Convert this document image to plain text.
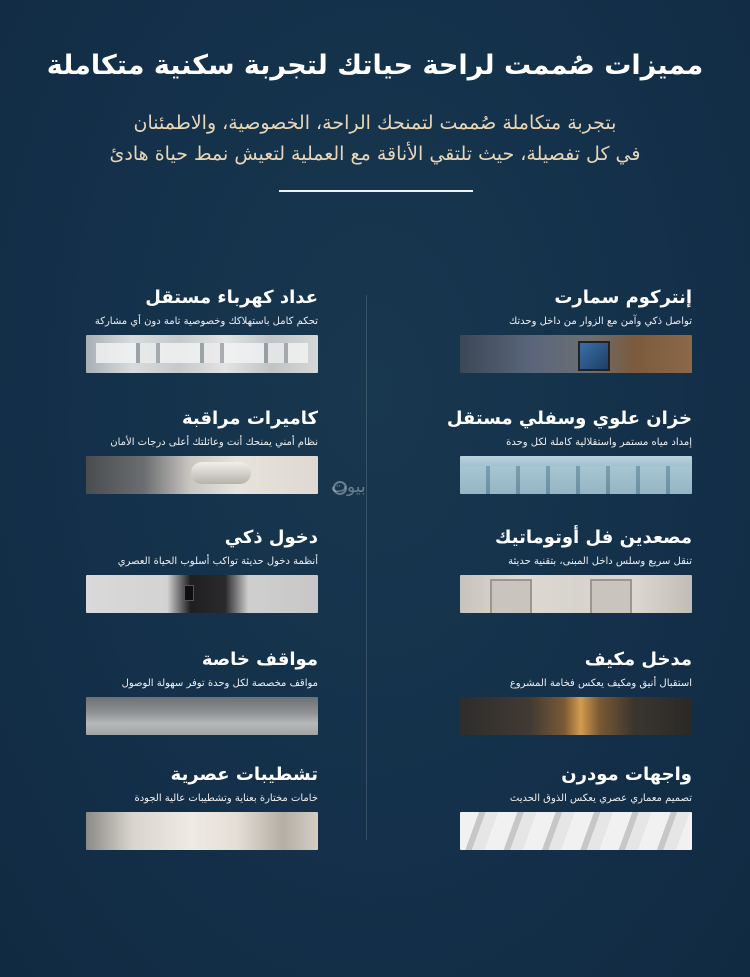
مميزات صُممت لراحة حياتك لتجربة سكنية متكاملة
بتجربة متكاملة صُممت لتمنحك الراحة، الخصوصية، والاطمئنان
في كل تفصيلة، حيث تلتقي الأناقة مع العملية لتعيش نمط حياة هادئ
إنتركوم سمارت
تواصل ذكي وآمن مع الزوار من داخل وحدتك
خزان علوي وسفلي مستقل
إمداد مياه مستمر واستقلالية كاملة لكل وحدة
مصعدين فل أوتوماتيك
تنقل سريع وسلس داخل المبنى، بتقنية حديثة
مدخل مكيف
استقبال أنيق ومكيف يعكس فخامة المشروع
واجهات مودرن
تصميم معماري عصري يعكس الذوق الحديث
عداد كهرباء مستقل
تحكم كامل باستهلاكك وخصوصية تامة دون أي مشاركة
كاميرات مراقبة
نظام أمني يمنحك أنت وعائلتك أعلى درجات الأمان
دخول ذكي
أنظمة دخول حديثة تواكب أسلوب الحياة العصري
مواقف خاصة
مواقف مخصصة لكل وحدة توفر سهولة الوصول
تشطيبات عصرية
خامات مختارة بعناية وتشطيبات عالية الجودة
بيوت
